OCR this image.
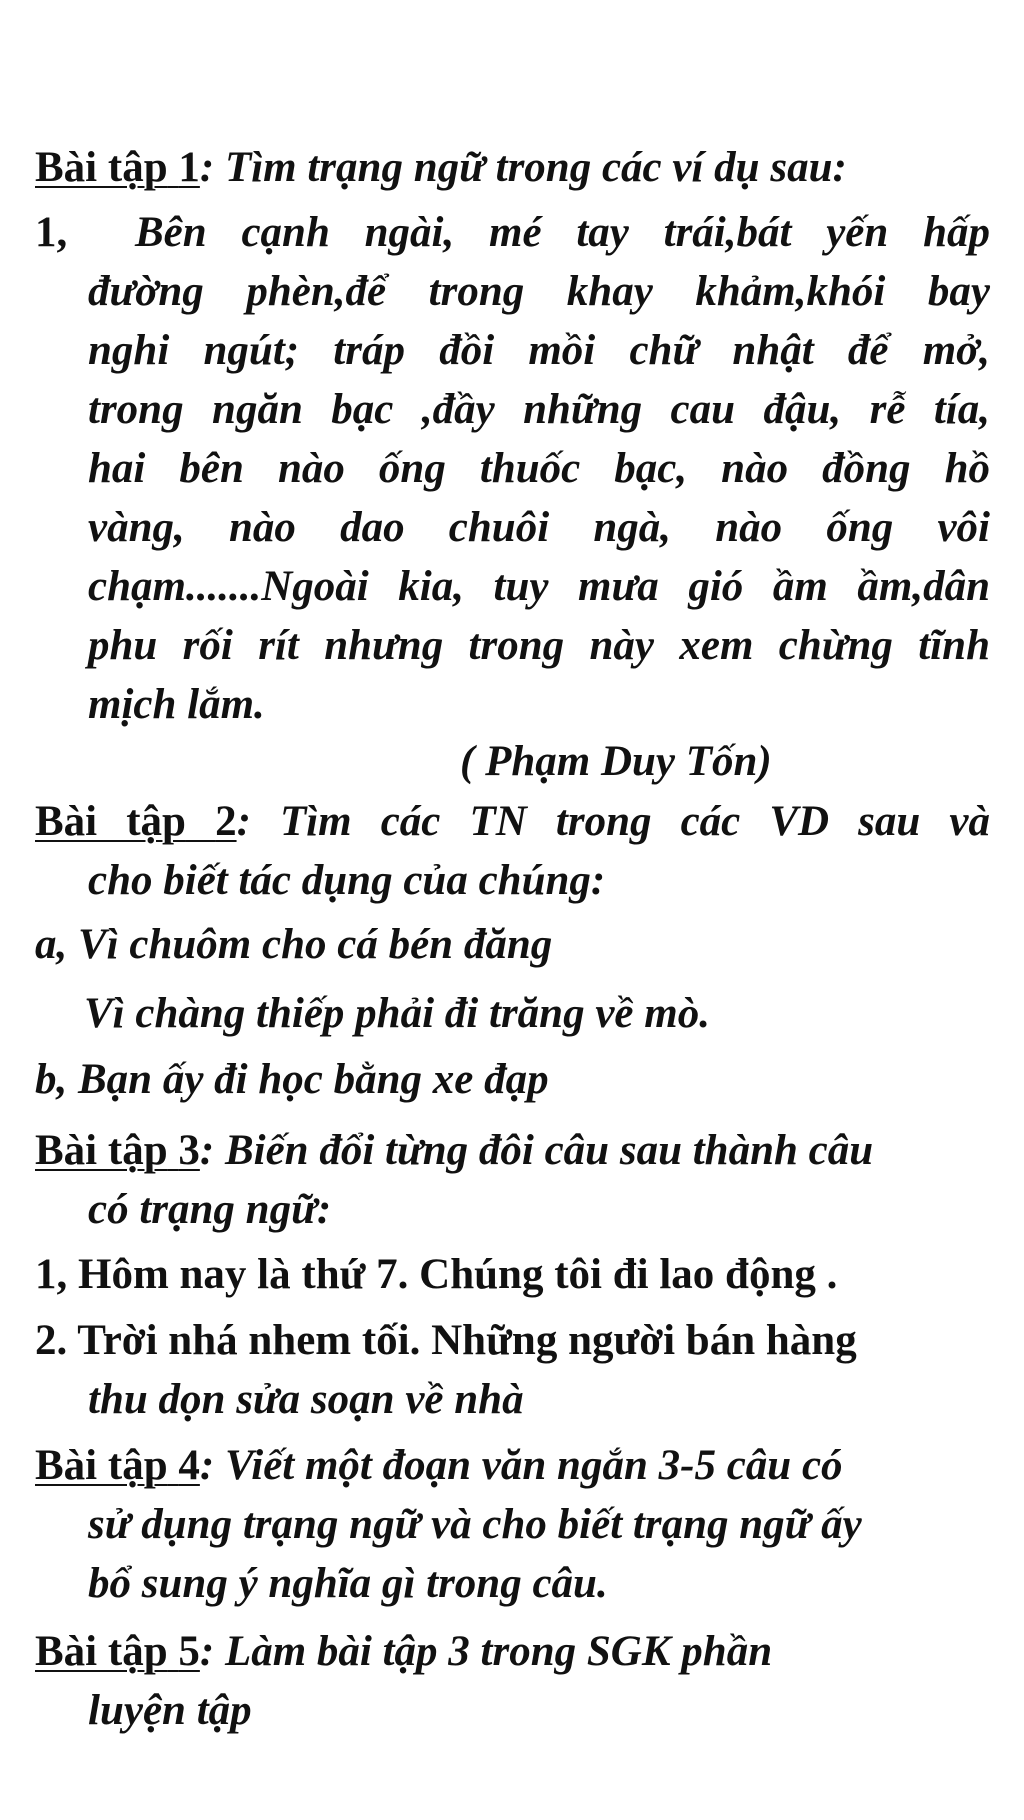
Bài tập 1: Tìm trạng ngữ trong các ví dụ sau:
1, Bên cạnh ngài, mé tay trái,bát yến hấp
đường phèn,để trong khay khảm,khói bay
nghi ngút; tráp đồi mồi chữ nhật để mở,
trong ngăn bạc ,đầy những cau đậu, rễ tía,
hai bên nào ống thuốc bạc, nào đồng hồ
vàng, nào dao chuôi ngà, nào ống vôi
chạm.......Ngoài kia, tuy mưa gió ầm ầm,dân
phu rối rít nhưng trong này xem chừng tĩnh
mịch lắm.
( Phạm Duy Tốn)
Bài tập 2: Tìm các TN trong các VD sau và
cho biết tác dụng của chúng:
a, Vì chuôm cho cá bén đăng
Vì chàng thiếp phải đi trăng về mò.
b, Bạn ấy đi học bằng xe đạp
Bài tập 3: Biến đổi từng đôi câu sau thành câu
có trạng ngữ:
1, Hôm nay là thứ 7. Chúng tôi đi lao động .
2. Trời nhá nhem tối. Những người bán hàng
thu dọn sửa soạn về nhà
Bài tập 4: Viết một đoạn văn ngắn 3-5 câu có
sử dụng trạng ngữ và cho biết trạng ngữ ấy
bổ sung ý nghĩa gì trong câu.
Bài tập 5: Làm bài tập 3 trong SGK phần
luyện tập
